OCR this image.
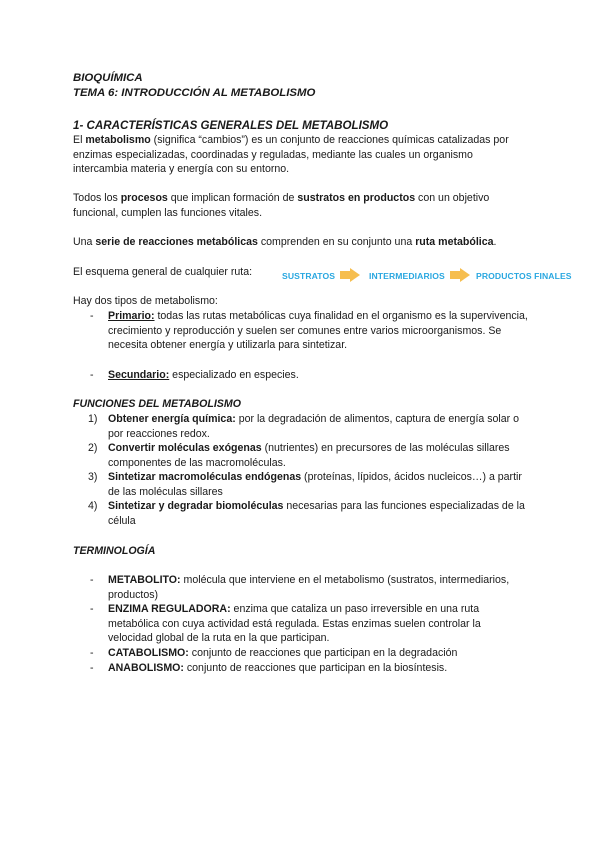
BIOQUÍMICA

TEMA 6: INTRODUCCIÓN AL METABOLISMO

1- CARACTERÍSTICAS GENERALES DEL METABOLISMO

El metabolismo (significa “cambios”) es un conjunto de reacciones químicas catalizadas por enzimas especializadas, coordinadas y reguladas, mediante las cuales un organismo intercambia materia y energía con su entorno.

Todos los procesos que implican formación de sustratos en productos con un objetivo funcional, cumplen las funciones vitales.

Una serie de reacciones metabólicas comprenden en su conjunto una ruta metabólica.

El esquema general de cualquier ruta:	SUSTRATOS	INTERMEDIARIOS	PRODUCTOS FINALES

Hay dos tipos de metabolismo:

- Primario: todas las rutas metabólicas cuya finalidad en el organismo es la supervivencia, crecimiento y reproducción y suelen ser comunes entre varios microorganismos. Se necesita obtener energía y utilizarla para sintetizar.
- Secundario: especializado en especies.
FUNCIONES DEL METABOLISMO
1) Obtener energía química: por la degradación de alimentos, captura de energía solar o por reacciones redox.
2) Convertir moléculas exógenas (nutrientes) en precursores de las moléculas sillares componentes de las macromoléculas.
3) Sintetizar macromoléculas endógenas (proteínas, lípidos, ácidos nucleicos…) a partir de las moléculas sillares
4) Sintetizar y degradar biomoléculas necesarias para las funciones especializadas de la célula
TERMINOLOGÍA
- METABOLITO: molécula que interviene en el metabolismo (sustratos, intermediarios, productos)
- ENZIMA REGULADORA: enzima que cataliza un paso irreversible en una ruta metabólica con cuya actividad está regulada. Estas enzimas suelen controlar la velocidad global de la ruta en la que participan.
- CATABOLISMO: conjunto de reacciones que participan en la degradación
- ANABOLISMO: conjunto de reacciones que participan en la biosíntesis.
